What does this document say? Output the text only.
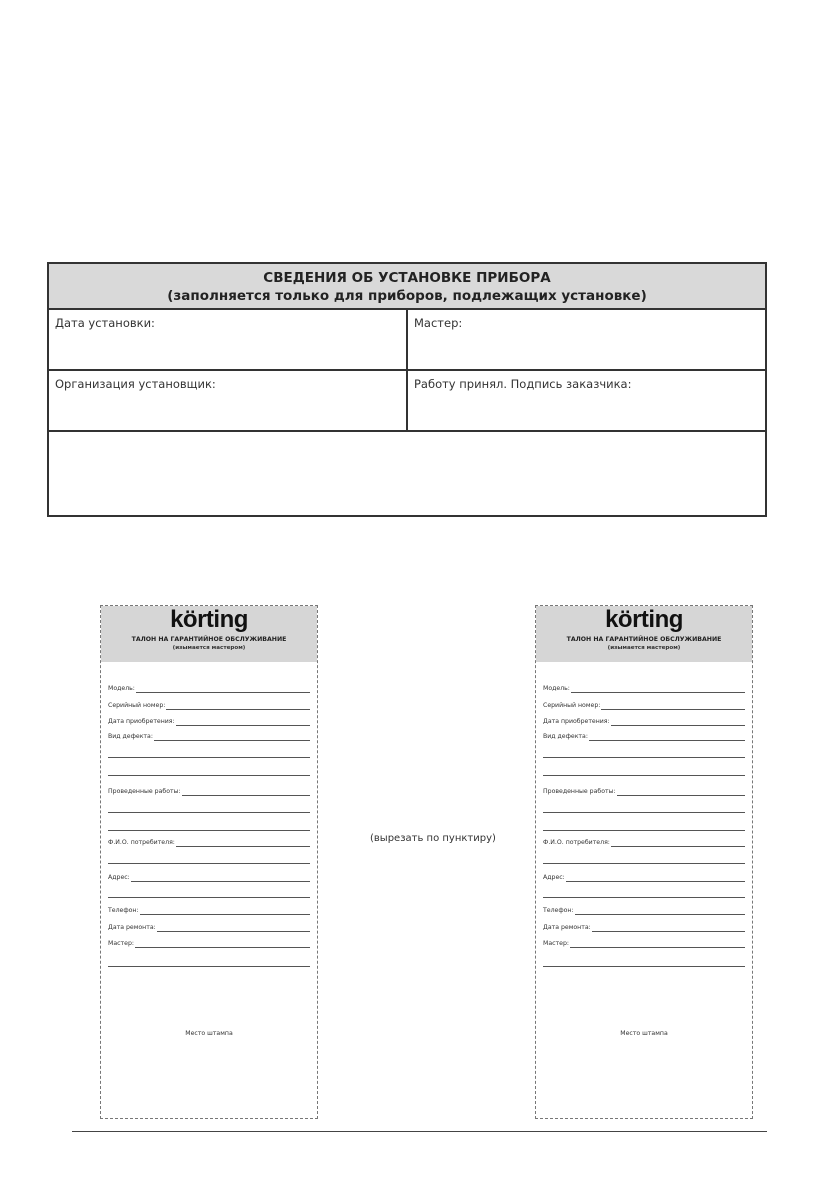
СВЕДЕНИЯ ОБ УСТАНОВКЕ ПРИБОРА
(заполняется только для приборов, подлежащих установке)
Дата установки:	Мастер:
Организация установщик:	Работу принял. Подпись заказчика:
körting
ТАЛОН НА ГАРАНТИЙНОЕ ОБСЛУЖИВАНИЕ
(изымается мастером)
Модель:
Серийный номер:
Дата приобретения:
Вид дефекта:
Проведенные работы:
Ф.И.О. потребителя:
Адрес:
Телефон:
Дата ремонта:
Мастер:
Место штампа
(вырезать по пунктиру)
körting
ТАЛОН НА ГАРАНТИЙНОЕ ОБСЛУЖИВАНИЕ
(изымается мастером)
Модель:
Серийный номер:
Дата приобретения:
Вид дефекта:
Проведенные работы:
Ф.И.О. потребителя:
Адрес:
Телефон:
Дата ремонта:
Мастер:
Место штампа
